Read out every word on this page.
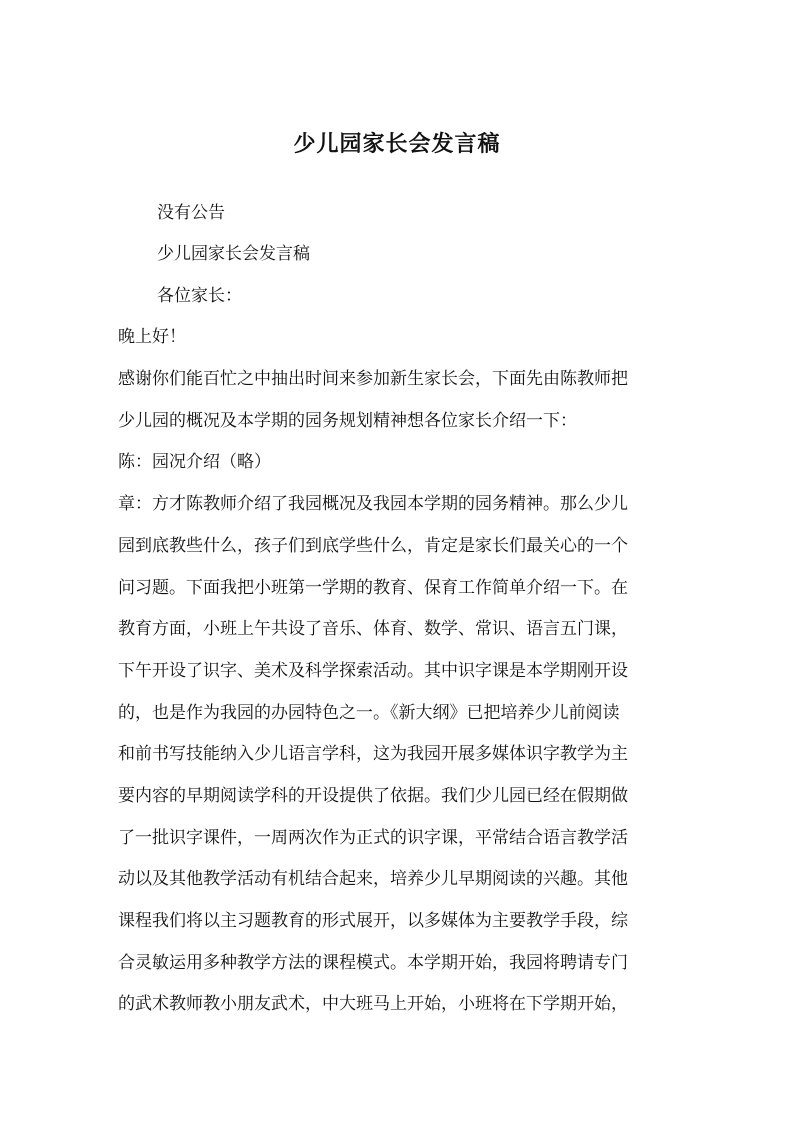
少儿园家长会发言稿

没有公告

少儿园家长会发言稿

各位家长：

晚上好！

感谢你们能百忙之中抽出时间来参加新生家长会，下面先由陈教师把

少儿园的概况及本学期的园务规划精神想各位家长介绍一下：

陈：园况介绍（略）

章：方才陈教师介绍了我园概况及我园本学期的园务精神。那么少儿

园到底教些什么，孩子们到底学些什么，肯定是家长们最关心的一个

问习题。下面我把小班第一学期的教育、保育工作简单介绍一下。在

教育方面，小班上午共设了音乐、体育、数学、常识、语言五门课，

下午开设了识字、美术及科学探索活动。其中识字课是本学期刚开设

的，也是作为我园的办园特色之一。《新大纲》已把培养少儿前阅读

和前书写技能纳入少儿语言学科，这为我园开展多媒体识字教学为主

要内容的早期阅读学科的开设提供了依据。我们少儿园已经在假期做

了一批识字课件，一周两次作为正式的识字课，平常结合语言教学活

动以及其他教学活动有机结合起来，培养少儿早期阅读的兴趣。其他

课程我们将以主习题教育的形式展开，以多媒体为主要教学手段，综

合灵敏运用多种教学方法的课程模式。本学期开始，我园将聘请专门

的武术教师教小朋友武术，中大班马上开始，小班将在下学期开始，
